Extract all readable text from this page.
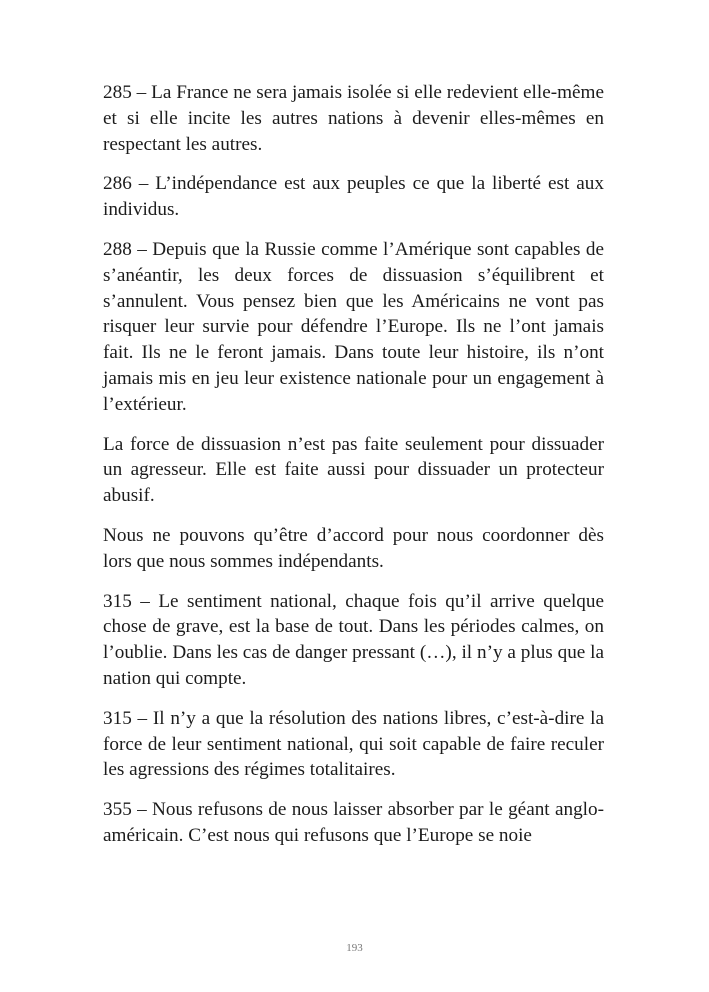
285 – La France ne sera jamais isolée si elle redevient elle-même et si elle incite les autres nations à devenir elles-mêmes en respectant les autres.

286 – L’indépendance est aux peuples ce que la liberté est aux individus.

288 – Depuis que la Russie comme l’Amérique sont capables de s’anéantir, les deux forces de dissuasion s’équilibrent et s’annulent. Vous pensez bien que les Américains ne vont pas risquer leur survie pour défendre l’Europe. Ils ne l’ont jamais fait. Ils ne le feront jamais. Dans toute leur histoire, ils n’ont jamais mis en jeu leur existence nationale pour un engagement à l’extérieur.

La force de dissuasion n’est pas faite seulement pour dissuader un agresseur. Elle est faite aussi pour dissuader un protecteur abusif.

Nous ne pouvons qu’être d’accord pour nous coordonner dès lors que nous sommes indépendants.

315 – Le sentiment national, chaque fois qu’il arrive quelque chose de grave, est la base de tout. Dans les périodes calmes, on l’oublie. Dans les cas de danger pressant (…), il n’y a plus que la nation qui compte.

315 – Il n’y a que la résolution des nations libres, c’est-à-dire la force de leur sentiment national, qui soit capable de faire reculer les agressions des régimes totalitaires.

355 – Nous refusons de nous laisser absorber par le géant anglo-américain. C’est nous qui refusons que l’Europe se noie

193
